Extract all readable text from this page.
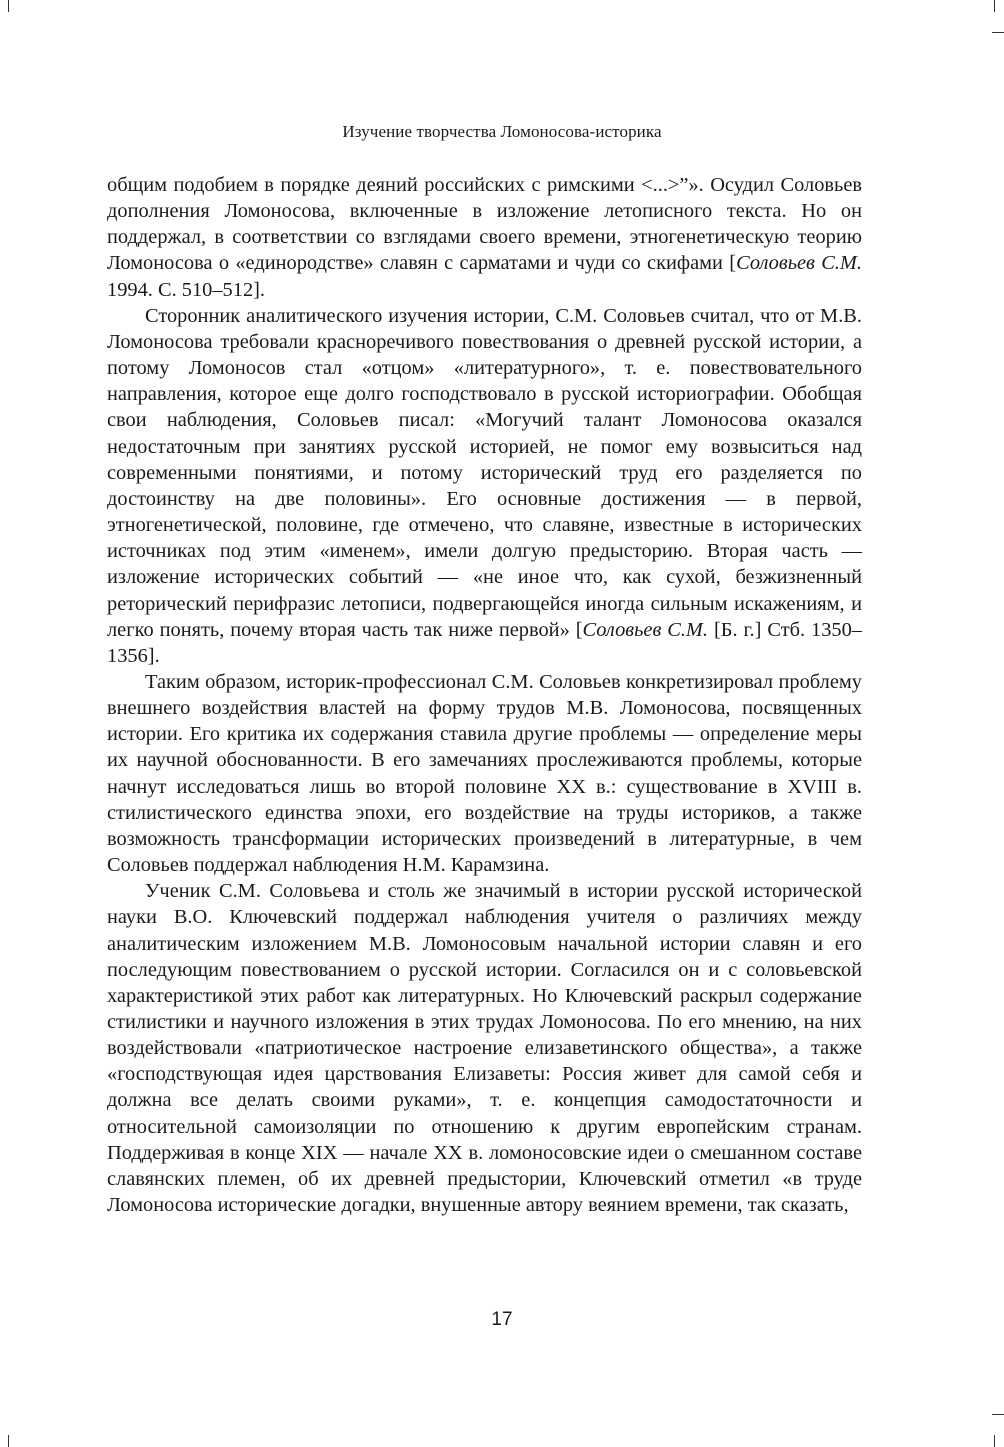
Изучение творчества Ломоносова-историка

общим подобием в порядке деяний российских с римскими <...>”». Осудил Соловьев дополнения Ломоносова, включенные в изложение летописного текста. Но он поддержал, в соответствии со взглядами своего времени, этногенетическую теорию Ломоносова о «единородстве» славян с сарматами и чуди со скифами [Соловьев С.М. 1994. С. 510–512].

Сторонник аналитического изучения истории, С.М. Соловьев считал, что от М.В. Ломоносова требовали красноречивого повествования о древней русской истории, а потому Ломоносов стал «отцом» «литературного», т. е. повествовательного направления, которое еще долго господствовало в русской историографии. Обобщая свои наблюдения, Соловьев писал: «Могучий талант Ломоносова оказался недостаточным при занятиях русской историей, не помог ему возвыситься над современными понятиями, и потому исторический труд его разделяется по достоинству на две половины». Его основные достижения — в первой, этногенетической, половине, где отмечено, что славяне, известные в исторических источниках под этим «именем», имели долгую предысторию. Вторая часть — изложение исторических событий — «не иное что, как сухой, безжизненный реторический перифразис летописи, подвергающейся иногда сильным искажениям, и легко понять, почему вторая часть так ниже первой» [Соловьев С.М. [Б. г.] Стб. 1350–1356].

Таким образом, историк-профессионал С.М. Соловьев конкретизировал проблему внешнего воздействия властей на форму трудов М.В. Ломоносова, посвященных истории. Его критика их содержания ставила другие проблемы — определение меры их научной обоснованности. В его замечаниях прослеживаются проблемы, которые начнут исследоваться лишь во второй половине XX в.: существование в XVIII в. стилистического единства эпохи, его воздействие на труды историков, а также возможность трансформации исторических произведений в литературные, в чем Соловьев поддержал наблюдения Н.М. Карамзина.

Ученик С.М. Соловьева и столь же значимый в истории русской исторической науки В.О. Ключевский поддержал наблюдения учителя о различиях между аналитическим изложением М.В. Ломоносовым начальной истории славян и его последующим повествованием о русской истории. Согласился он и с соловьевской характеристикой этих работ как литературных. Но Ключевский раскрыл содержание стилистики и научного изложения в этих трудах Ломоносова. По его мнению, на них воздействовали «патриотическое настроение елизаветинского общества», а также «господствующая идея царствования Елизаветы: Россия живет для самой себя и должна все делать своими руками», т. е. концепция самодостаточности и относительной самоизоляции по отношению к другим европейским странам. Поддерживая в конце XIX — начале XX в. ломоносовские идеи о смешанном составе славянских племен, об их древней предыстории, Ключевский отметил «в труде Ломоносова исторические догадки, внушенные автору веянием времени, так сказать,

17
